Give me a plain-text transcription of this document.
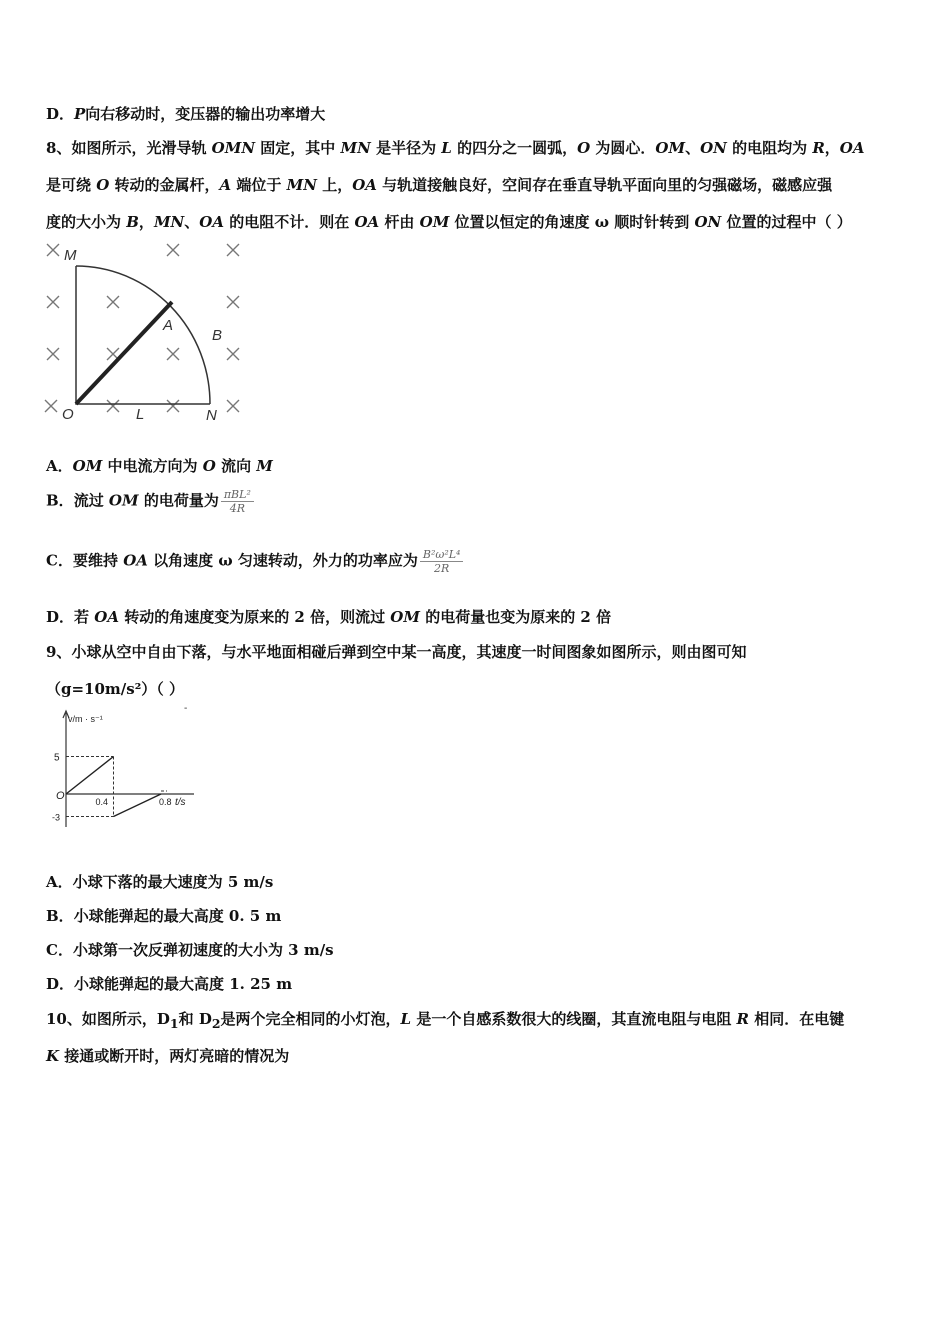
D．P向右移动时，变压器的输出功率增大
8、如图所示，光滑导轨 OMN 固定，其中 MN 是半径为 L 的四分之一圆弧，O 为圆心．OM、ON 的电阻均为 R，OA
是可绕 O 转动的金属杆，A 端位于 MN 上，OA 与轨道接触良好，空间存在垂直导轨平面向里的匀强磁场，磁感应强
度的大小为 B，MN、OA 的电阻不计．则在 OA 杆由 OM 位置以恒定的角速度 ω 顺时针转到 ON 位置的过程中（ ）
M
O	N
L
A
B
A．OM 中电流方向为 O 流向 M
B．流过 OM 的电荷量为 $\frac{\text{πBL²}}{4R}$
C．要维持 OA 以角速度 ω 匀速转动，外力的功率应为 $\frac{\text{B²ω²L⁴}}{2R}$
D．若 OA 转动的角速度变为原来的 2 倍，则流过 OM 的电荷量也变为原来的 2 倍
9、小球从空中自由下落，与水平地面相碰后弹到空中某一高度，其速度一时间图象如图所示，则由图可知
（g=10m/s²）（ ）
-
v/m · s⁻¹
O
5
-3
0.4	0.8 t/s
A．小球下落的最大速度为 5 m/s
B．小球能弹起的最大高度 0. 5 m
C．小球第一次反弹初速度的大小为 3 m/s
D．小球能弹起的最大高度 1. 25 m
10、如图所示，$D_1$和 $D_2$是两个完全相同的小灯泡，L 是一个自感系数很大的线圈，其直流电阻与电阻 R 相同．在电键
K 接通或断开时，两灯亮暗的情况为
